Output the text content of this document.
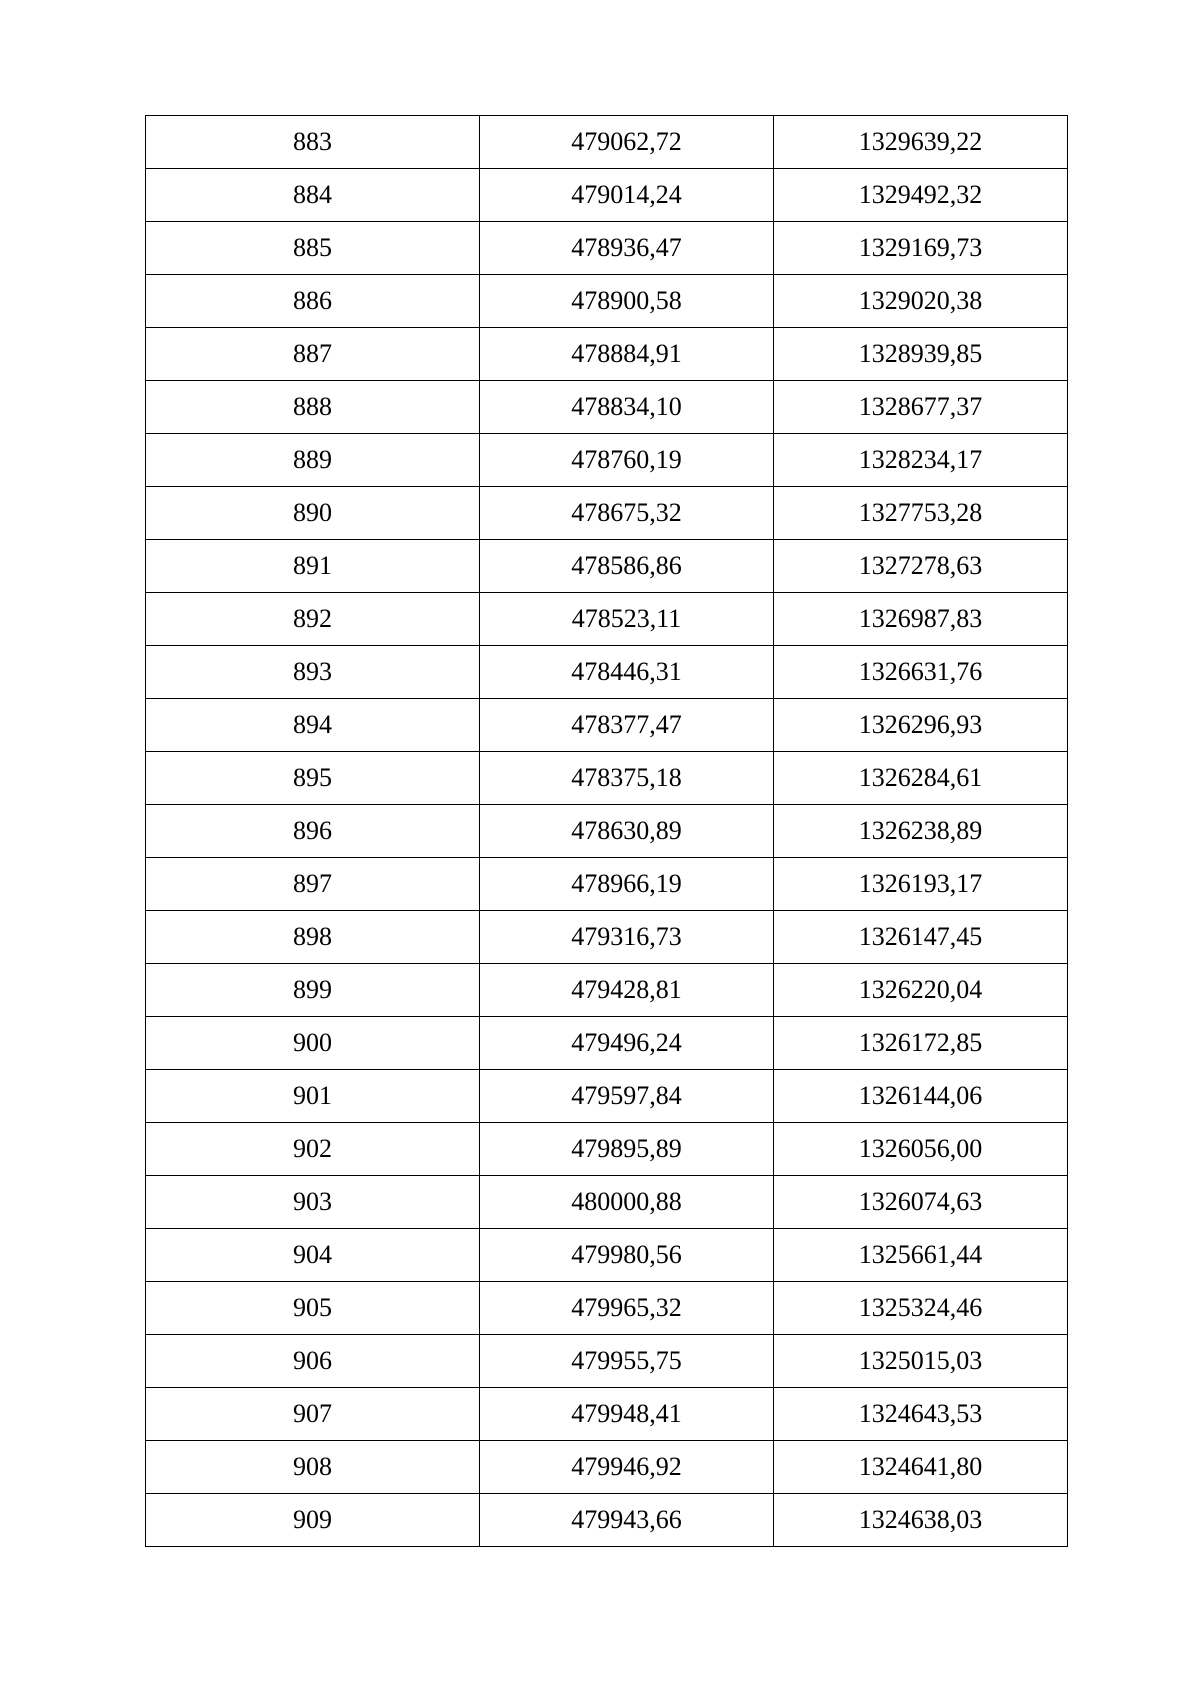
883	479062,72	1329639,22
884	479014,24	1329492,32
885	478936,47	1329169,73
886	478900,58	1329020,38
887	478884,91	1328939,85
888	478834,10	1328677,37
889	478760,19	1328234,17
890	478675,32	1327753,28
891	478586,86	1327278,63
892	478523,11	1326987,83
893	478446,31	1326631,76
894	478377,47	1326296,93
895	478375,18	1326284,61
896	478630,89	1326238,89
897	478966,19	1326193,17
898	479316,73	1326147,45
899	479428,81	1326220,04
900	479496,24	1326172,85
901	479597,84	1326144,06
902	479895,89	1326056,00
903	480000,88	1326074,63
904	479980,56	1325661,44
905	479965,32	1325324,46
906	479955,75	1325015,03
907	479948,41	1324643,53
908	479946,92	1324641,80
909	479943,66	1324638,03
